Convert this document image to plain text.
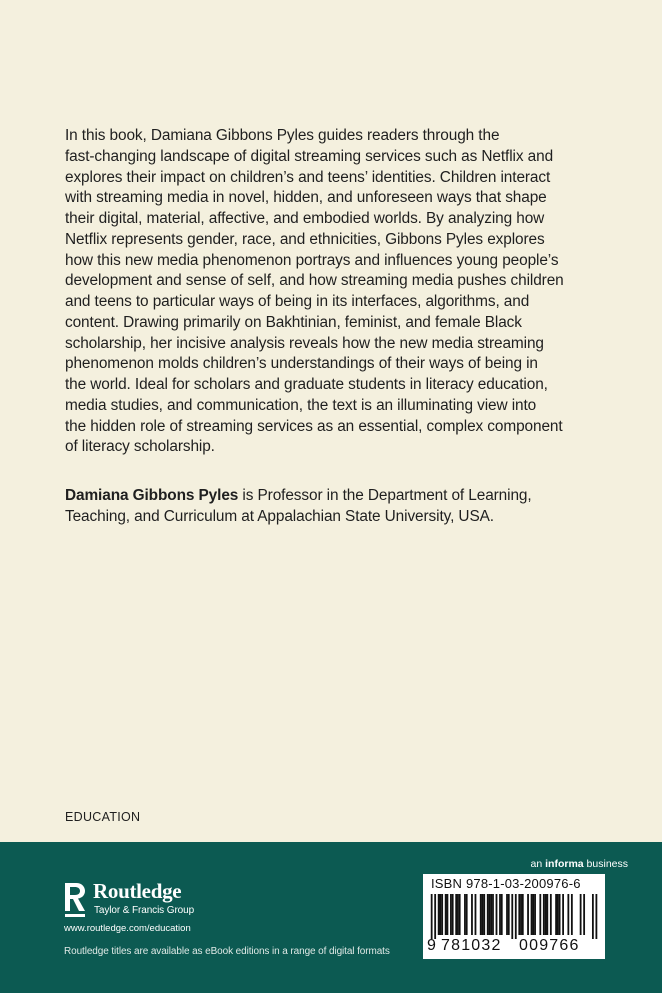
In this book, Damiana Gibbons Pyles guides readers through the
fast-changing landscape of digital streaming services such as Netflix and
explores their impact on children’s and teens’ identities. Children interact
with streaming media in novel, hidden, and unforeseen ways that shape
their digital, material, affective, and embodied worlds. By analyzing how
Netflix represents gender, race, and ethnicities, Gibbons Pyles explores
how this new media phenomenon portrays and influences young people’s
development and sense of self, and how streaming media pushes children
and teens to particular ways of being in its interfaces, algorithms, and
content. Drawing primarily on Bakhtinian, feminist, and female Black
scholarship, her incisive analysis reveals how the new media streaming
phenomenon molds children’s understandings of their ways of being in
the world. Ideal for scholars and graduate students in literacy education,
media studies, and communication, the text is an illuminating view into
the hidden role of streaming services as an essential, complex component
of literacy scholarship.
Damiana Gibbons Pyles is Professor in the Department of Learning,
Teaching, and Curriculum at Appalachian State University, USA.
EDUCATION
an informa business
Routledge
Taylor & Francis Group
www.routledge.com/education
Routledge titles are available as eBook editions in a range of digital formats
ISBN 978-1-03-200976-6
9 781032	009766
